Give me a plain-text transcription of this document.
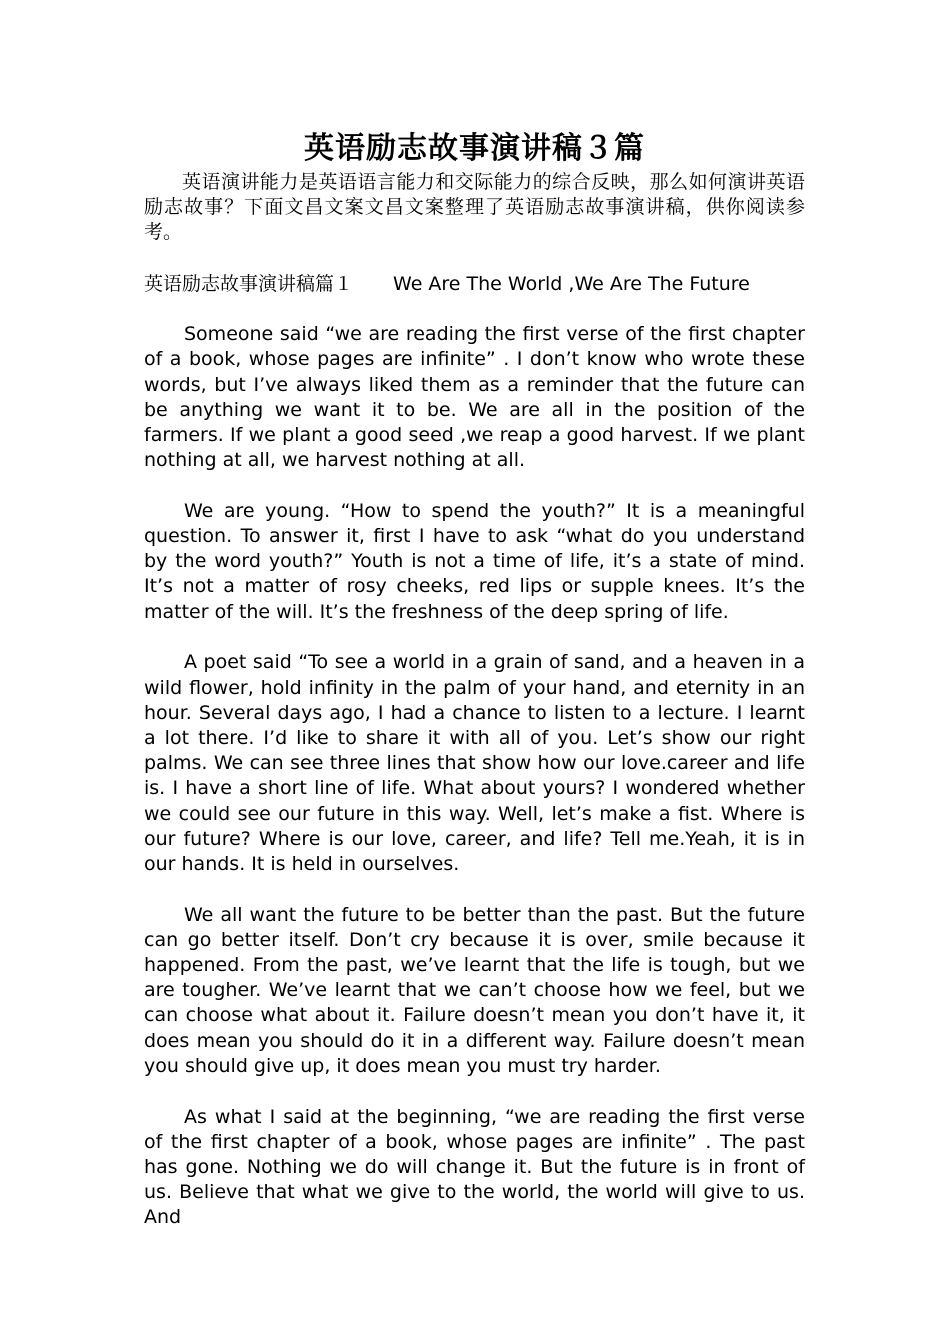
英语励志故事演讲稿３篇

英语演讲能力是英语语言能力和交际能力的综合反映，那么如何演讲英语励志故事？下面文昌文案文昌文案整理了英语励志故事演讲稿，供你阅读参考。

英语励志故事演讲稿篇１ We Are The World ,We Are The Future

Someone said “we are reading the first verse of the first chapter of a book, whose pages are infinite” . I don’t know who wrote these words, but I’ve always liked them as a reminder that the future can be anything we want it to be. We are all in the position of the farmers. If we plant a good seed ,we reap a good harvest. If we plant nothing at all, we harvest nothing at all.

We are young. “How to spend the youth?” It is a meaningful question. To answer it, first I have to ask “what do you understand by the word youth?” Youth is not a time of life, it’s a state of mind. It’s not a matter of rosy cheeks, red lips or supple knees. It’s the matter of the will. It’s the freshness of the deep spring of life.

A poet said “To see a world in a grain of sand, and a heaven in a wild flower, hold infinity in the palm of your hand, and eternity in an hour. Several days ago, I had a chance to listen to a lecture. I learnt a lot there. I’d like to share it with all of you. Let’s show our right palms. We can see three lines that show how our love.career and life is. I have a short line of life. What about yours? I wondered whether we could see our future in this way. Well, let’s make a fist. Where is our future? Where is our love, career, and life? Tell me.Yeah, it is in our hands. It is held in ourselves.

We all want the future to be better than the past. But the future can go better itself. Don’t cry because it is over, smile because it happened. From the past, we’ve learnt that the life is tough, but we are tougher. We’ve learnt that we can’t choose how we feel, but we can choose what about it. Failure doesn’t mean you don’t have it, it does mean you should do it in a different way. Failure doesn’t mean you should give up, it does mean you must try harder.

As what I said at the beginning, “we are reading the first verse of the first chapter of a book, whose pages are infinite” . The past has gone. Nothing we do will change it. But the future is in front of us. Believe that what we give to the world, the world will give to us. And
